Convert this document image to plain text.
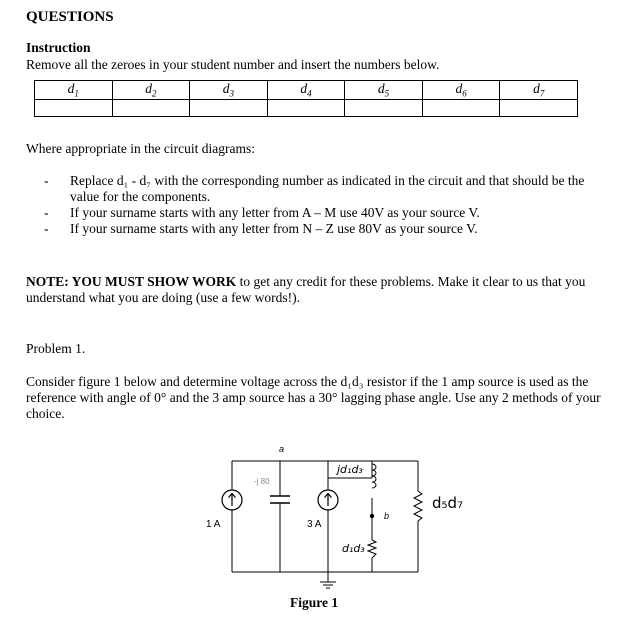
QUESTIONS
Instruction
Remove all the zeroes in your student number and insert the numbers below.
$d_1$	$d_2$	$d_3$	$d_4$	$d_5$	$d_6$	$d_7$

Where appropriate in the circuit diagrams:
- Replace d₁ - d₇ with the corresponding number as indicated in the circuit and that should be the value for the components.
- If your surname starts with any letter from A – M use 40V as your source V.
- If your surname starts with any letter from N – Z use 80V as your source V.
NOTE: YOU MUST SHOW WORK to get any credit for these problems. Make it clear to us that you understand what you are doing (use a few words!).
Problem 1.
Consider figure 1 below and determine voltage across the d₁d₃ resistor if the 1 amp source is used as the reference with angle of 0° and the 3 amp source has a 30° lagging phase angle. Use any 2 methods of your choice.
a
b
1 A	3 A
-j 80
jd₁d₃
d₁d₃
d₅d₇
Figure 1
